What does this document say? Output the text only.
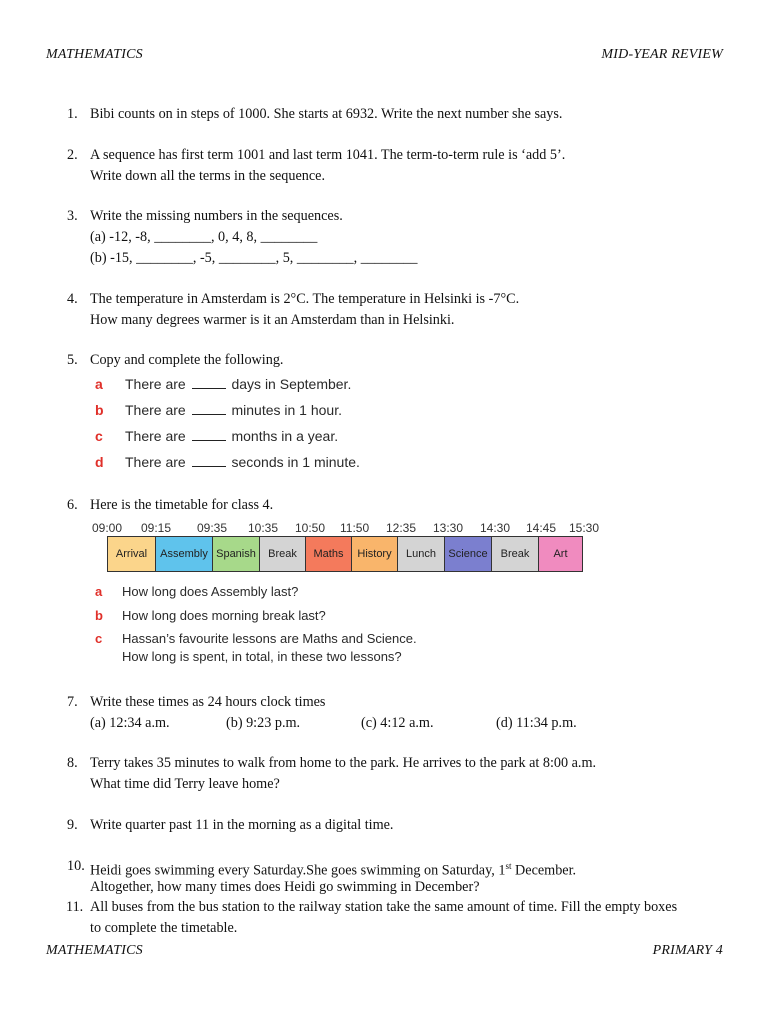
MATHEMATICS	MID-YEAR REVIEW
1. Bibi counts on in steps of 1000. She starts at 6932. Write the next number she says.
2. A sequence has first term 1001 and last term 1041. The term-to-term rule is ‘add 5’.
Write down all the terms in the sequence.
3. Write the missing numbers in the sequences.
(a) -12, -8, ________, 0, 4, 8, ________
(b) -15, ________, -5, ________, 5, ________, ________
4. The temperature in Amsterdam is 2°C. The temperature in Helsinki is -7°C.
How many degrees warmer is it an Amsterdam than in Helsinki.
5. Copy and complete the following.
a There are	days in September.
b There are	minutes in 1 hour.
c There are	months in a year.
d There are	seconds in 1 minute.
6. Here is the timetable for class 4.
09:00 09:15 09:35 10:35 10:50 11:50 12:35 13:30 14:30 14:45 15:30
Arrival	Assembly Spanish	Break	Maths	History	Lunch	Science	Break	Art
a How long does Assembly last?
b How long does morning break last?
c Hassan’s favourite lessons are Maths and Science.
How long is spent, in total, in these two lessons?
7. Write these times as 24 hours clock times
(a) 12:34 a.m.	(b) 9:23 p.m.	(c) 4:12 a.m.	(d) 11:34 p.m.
8. Terry takes 35 minutes to walk from home to the park. He arrives to the park at 8:00 a.m.
What time did Terry leave home?
9. Write quarter past 11 in the morning as a digital time.
10. Heidi goes swimming every Saturday.She goes swimming on Saturday, 1st December.
Altogether, how many times does Heidi go swimming in December?
11. All buses from the bus station to the railway station take the same amount of time. Fill the empty boxes
to complete the timetable.
MATHEMATICS	PRIMARY 4
